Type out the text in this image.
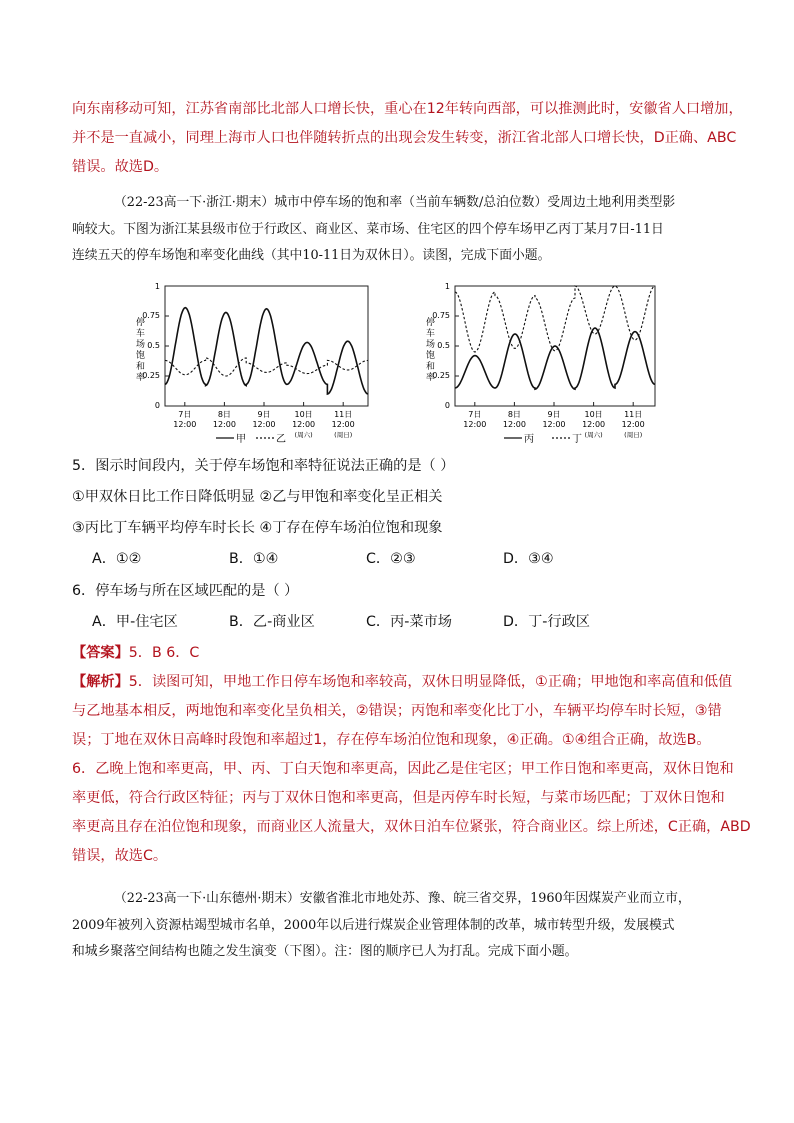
向东南移动可知，江苏省南部比北部人口增长快，重心在12年转向西部，可以推测此时，安徽省人口增加，
并不是一直减小，同理上海市人口也伴随转折点的出现会发生转变，浙江省北部人口增长快，D正确、ABC
错误。故选D。
（22-23高一下·浙江·期末）城市中停车场的饱和率（当前车辆数/总泊位数）受周边土地利用类型影
响较大。下图为浙江某县级市位于行政区、商业区、菜市场、住宅区的四个停车场甲乙丙丁某月7日-11日
连续五天的停车场饱和率变化曲线（其中10-11日为双休日）。读图，完成下面小题。
停
车
场
饱
和
率
0
0.25
0.5
0.75
1
7日
12:00
8日
12:00
9日
12:00
10日
12:00
(周六)
11日
12:00
(周日)
甲	乙
停
车
场
饱
和
率
0
0.25
0.5
0.75
1
7日
12:00
8日
12:00
9日
12:00
10日
12:00
(周六)
11日
12:00
(周日)
丙	丁
5．图示时间段内，关于停车场饱和率特征说法正确的是（ ）
①甲双休日比工作日降低明显 ②乙与甲饱和率变化呈正相关
③丙比丁车辆平均停车时长长 ④丁存在停车场泊位饱和现象
A．①②	B．①④	C．②③	D．③④
6．停车场与所在区域匹配的是（ ）
A．甲-住宅区	B．乙-商业区	C．丙-菜市场	D．丁-行政区
【答案】5．B 6．C
【解析】5．读图可知，甲地工作日停车场饱和率较高，双休日明显降低，①正确；甲地饱和率高值和低值
与乙地基本相反，两地饱和率变化呈负相关，②错误；丙饱和率变化比丁小，车辆平均停车时长短，③错
误；丁地在双休日高峰时段饱和率超过1，存在停车场泊位饱和现象，④正确。①④组合正确，故选B。
6．乙晚上饱和率更高，甲、丙、丁白天饱和率更高，因此乙是住宅区；甲工作日饱和率更高，双休日饱和
率更低，符合行政区特征；丙与丁双休日饱和率更高，但是丙停车时长短，与菜市场匹配；丁双休日饱和
率更高且存在泊位饱和现象，而商业区人流量大，双休日泊车位紧张，符合商业区。综上所述，C正确，ABD
错误，故选C。
（22-23高一下·山东德州·期末）安徽省淮北市地处苏、豫、皖三省交界，1960年因煤炭产业而立市，
2009年被列入资源枯竭型城市名单，2000年以后进行煤炭企业管理体制的改革，城市转型升级，发展模式
和城乡聚落空间结构也随之发生演变（下图）。注：图的顺序已人为打乱。完成下面小题。
